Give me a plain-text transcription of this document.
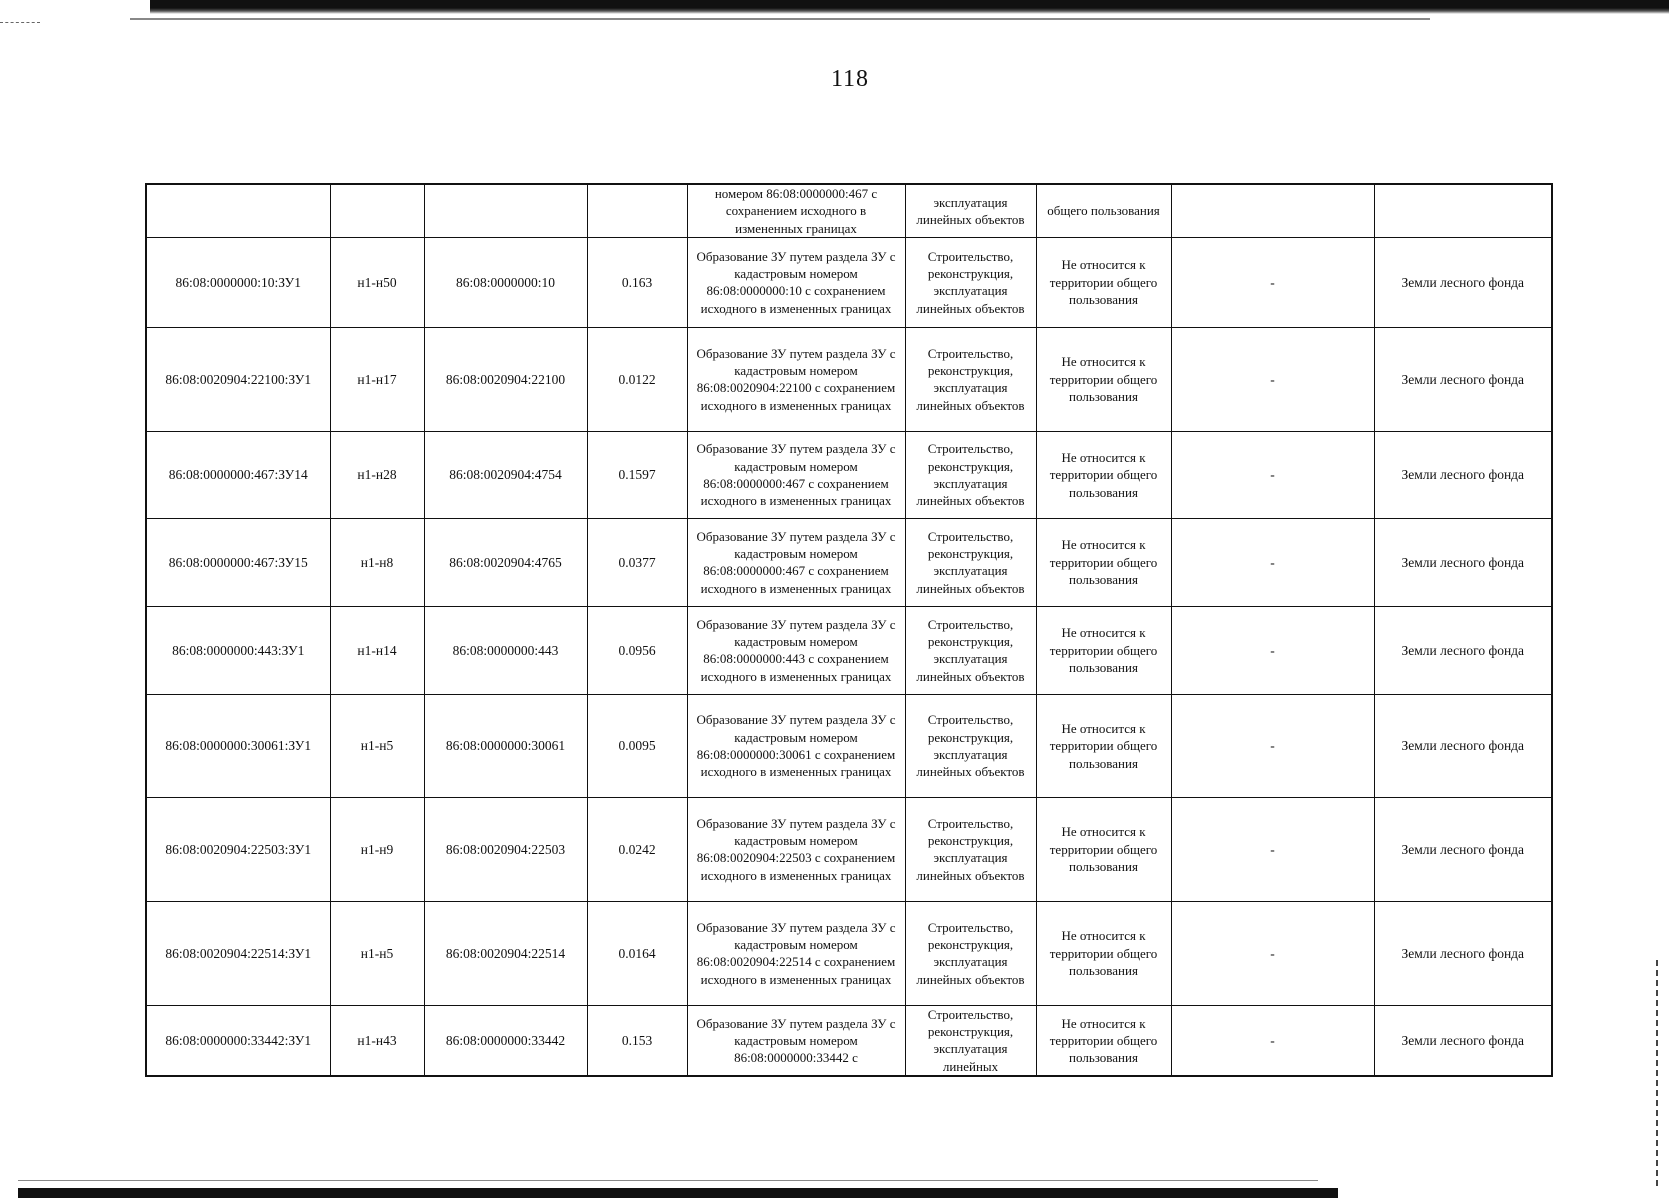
118
				номером 86:08:0000000:467 с сохранением исходного в измененных границах	эксплуатация линейных объектов	общего пользования		
86:08:0000000:10:ЗУ1	н1-н50	86:08:0000000:10	0.163	Образование ЗУ путем раздела ЗУ с кадастровым номером 86:08:0000000:10 с сохранением исходного в измененных границах	Строительство, реконструкция, эксплуатация линейных объектов	Не относится к территории общего пользования	-	Земли лесного фонда
86:08:0020904:22100:ЗУ1	н1-н17	86:08:0020904:22100	0.0122	Образование ЗУ путем раздела ЗУ с кадастровым номером 86:08:0020904:22100 с сохранением исходного в измененных границах	Строительство, реконструкция, эксплуатация линейных объектов	Не относится к территории общего пользования	-	Земли лесного фонда
86:08:0000000:467:ЗУ14	н1-н28	86:08:0020904:4754	0.1597	Образование ЗУ путем раздела ЗУ с кадастровым номером 86:08:0000000:467 с сохранением исходного в измененных границах	Строительство, реконструкция, эксплуатация линейных объектов	Не относится к территории общего пользования	-	Земли лесного фонда
86:08:0000000:467:ЗУ15	н1-н8	86:08:0020904:4765	0.0377	Образование ЗУ путем раздела ЗУ с кадастровым номером 86:08:0000000:467 с сохранением исходного в измененных границах	Строительство, реконструкция, эксплуатация линейных объектов	Не относится к территории общего пользования	-	Земли лесного фонда
86:08:0000000:443:ЗУ1	н1-н14	86:08:0000000:443	0.0956	Образование ЗУ путем раздела ЗУ с кадастровым номером 86:08:0000000:443 с сохранением исходного в измененных границах	Строительство, реконструкция, эксплуатация линейных объектов	Не относится к территории общего пользования	-	Земли лесного фонда
86:08:0000000:30061:ЗУ1	н1-н5	86:08:0000000:30061	0.0095	Образование ЗУ путем раздела ЗУ с кадастровым номером 86:08:0000000:30061 с сохранением исходного в измененных границах	Строительство, реконструкция, эксплуатация линейных объектов	Не относится к территории общего пользования	-	Земли лесного фонда
86:08:0020904:22503:ЗУ1	н1-н9	86:08:0020904:22503	0.0242	Образование ЗУ путем раздела ЗУ с кадастровым номером 86:08:0020904:22503 с сохранением исходного в измененных границах	Строительство, реконструкция, эксплуатация линейных объектов	Не относится к территории общего пользования	-	Земли лесного фонда
86:08:0020904:22514:ЗУ1	н1-н5	86:08:0020904:22514	0.0164	Образование ЗУ путем раздела ЗУ с кадастровым номером 86:08:0020904:22514 с сохранением исходного в измененных границах	Строительство, реконструкция, эксплуатация линейных объектов	Не относится к территории общего пользования	-	Земли лесного фонда
86:08:0000000:33442:ЗУ1	н1-н43	86:08:0000000:33442	0.153	Образование ЗУ путем раздела ЗУ с кадастровым номером 86:08:0000000:33442 с	Строительство, реконструкция, эксплуатация линейных	Не относится к территории общего пользования	-	Земли лесного фонда
